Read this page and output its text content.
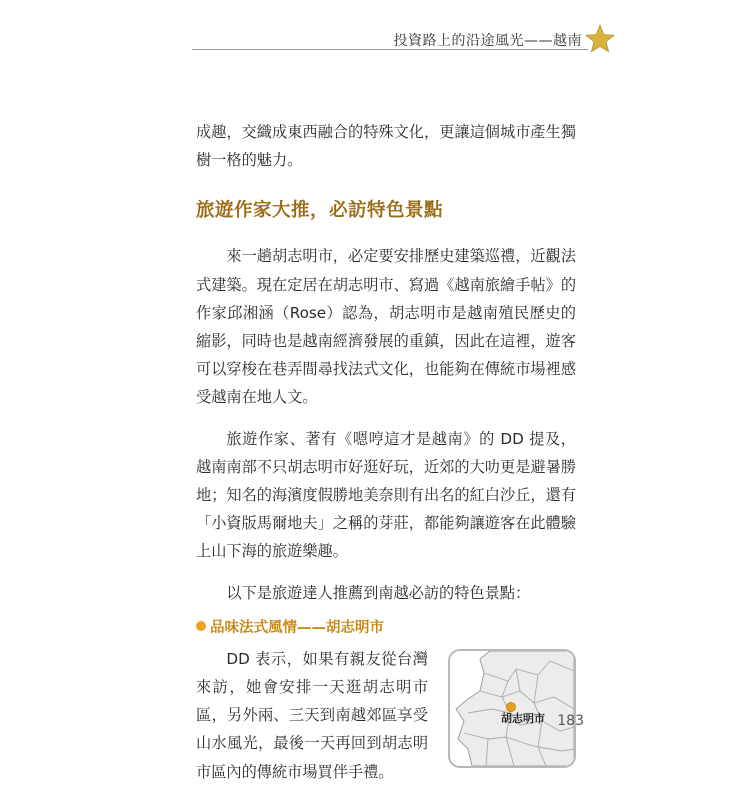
投資路上的沿途風光——越南

成趣，交織成東西融合的特殊文化，更讓這個城市產生獨樹一格的魅力。

旅遊作家大推，必訪特色景點

來一趟胡志明市，必定要安排歷史建築巡禮，近觀法式建築。現在定居在胡志明市、寫過《越南旅繪手帖》的作家邱湘涵（Rose）認為，胡志明市是越南殖民歷史的縮影，同時也是越南經濟發展的重鎮，因此在這裡，遊客可以穿梭在巷弄間尋找法式文化，也能夠在傳統市場裡感受越南在地人文。

旅遊作家、著有《嗯哼這才是越南》的 DD 提及，越南南部不只胡志明市好逛好玩，近郊的大叻更是避暑勝地；知名的海濱度假勝地美奈則有出名的紅白沙丘，還有「小資版馬爾地夫」之稱的芽莊，都能夠讓遊客在此體驗上山下海的旅遊樂趣。

以下是旅遊達人推薦到南越必訪的特色景點：

品味法式風情——胡志明市

DD 表示，如果有親友從台灣來訪，她會安排一天逛胡志明市區，另外兩、三天到南越郊區享受山水風光，最後一天再回到胡志明市區內的傳統市場買伴手禮。

胡志明市 183
